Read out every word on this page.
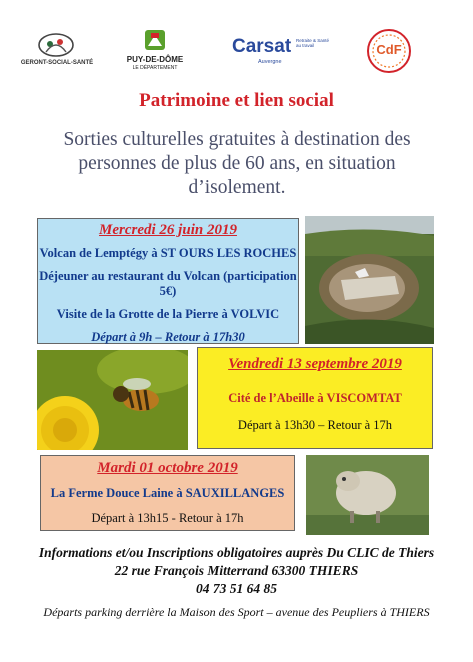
GERONT-SOCIAL-SANTÉ	PUY-DE-DÔME
LE DÉPARTEMENT
Carsat Retraite & Santé au travail
Auvergne
CdF
Patrimoine et lien social
Sorties culturelles gratuites à destination des
personnes de plus de 60 ans, en situation
d’isolement.
Mercredi 26 juin 2019
Volcan de Lemptégy à ST OURS LES ROCHES
Déjeuner au restaurant du Volcan (participation 5€)
Visite de la Grotte de la Pierre à VOLVIC
Départ à 9h – Retour à 17h30
Vendredi 13 septembre 2019
Cité de l’Abeille à VISCOMTAT
Départ à 13h30 – Retour à 17h
Mardi 01 octobre 2019
La Ferme Douce Laine à SAUXILLANGES
Départ à 13h15 - Retour à 17h
Informations et/ou Inscriptions obligatoires auprès Du CLIC de Thiers
22 rue François Mitterrand 63300 THIERS
04 73 51 64 85
Départs parking derrière la Maison des Sport – avenue des Peupliers à THIERS
